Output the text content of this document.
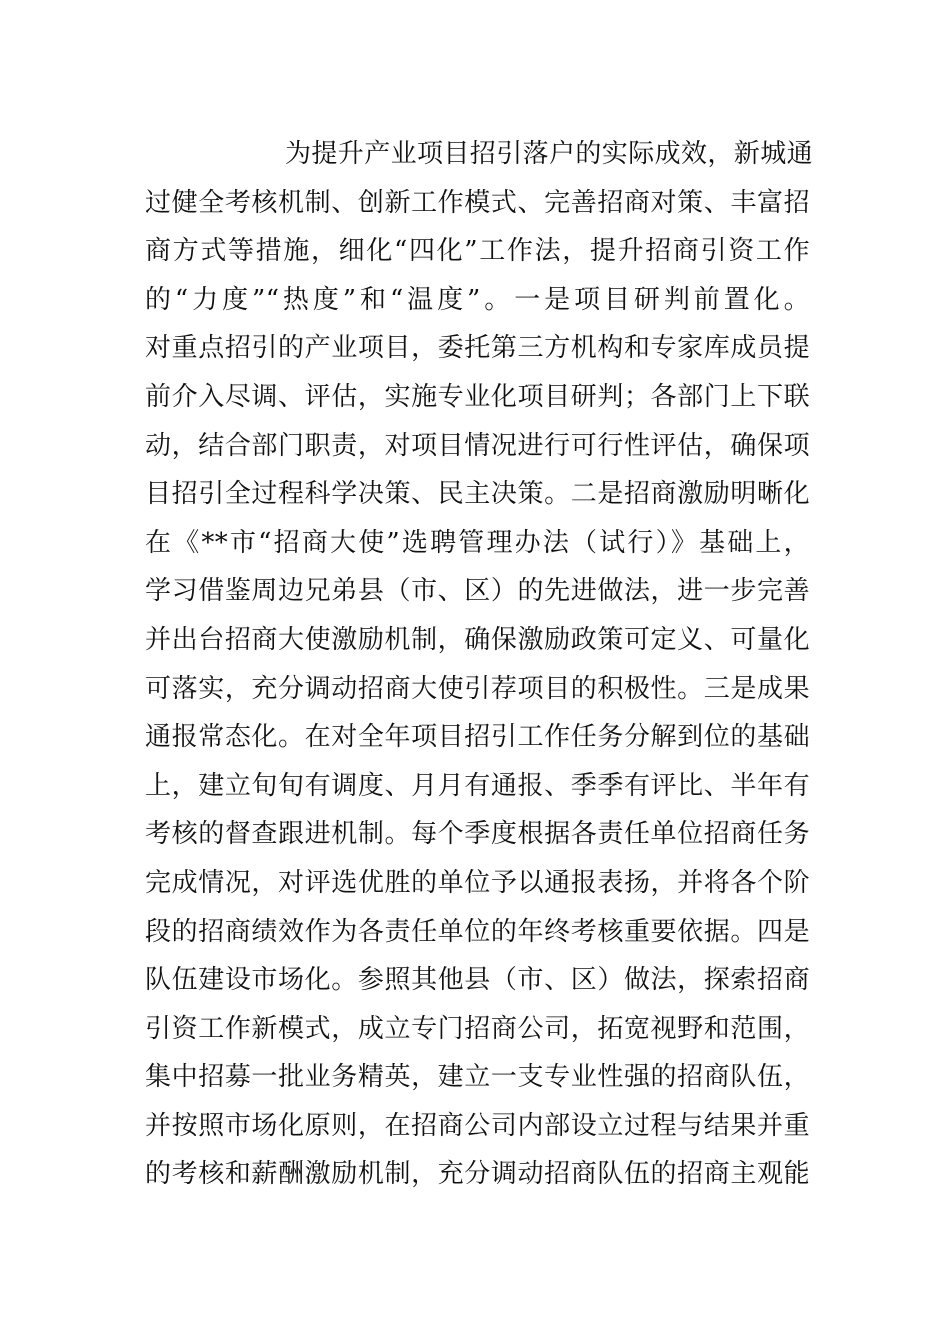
为提升产业项目招引落户的实际成效，新城通
过健全考核机制、创新工作模式、完善招商对策、丰富招
商方式等措施，细化“四化”工作法，提升招商引资工作
的“力度”“热度”和“温度”。一是项目研判前置化。
对重点招引的产业项目，委托第三方机构和专家库成员提
前介入尽调、评估，实施专业化项目研判；各部门上下联
动，结合部门职责，对项目情况进行可行性评估，确保项
目招引全过程科学决策、民主决策。二是招商激励明晰化
在《**市“招商大使”选聘管理办法（试行）》基础上，
学习借鉴周边兄弟县（市、区）的先进做法，进一步完善
并出台招商大使激励机制，确保激励政策可定义、可量化
可落实，充分调动招商大使引荐项目的积极性。三是成果
通报常态化。在对全年项目招引工作任务分解到位的基础
上，建立旬旬有调度、月月有通报、季季有评比、半年有
考核的督查跟进机制。每个季度根据各责任单位招商任务
完成情况，对评选优胜的单位予以通报表扬，并将各个阶
段的招商绩效作为各责任单位的年终考核重要依据。四是
队伍建设市场化。参照其他县（市、区）做法，探索招商
引资工作新模式，成立专门招商公司，拓宽视野和范围，
集中招募一批业务精英，建立一支专业性强的招商队伍，
并按照市场化原则，在招商公司内部设立过程与结果并重
的考核和薪酬激励机制，充分调动招商队伍的招商主观能
